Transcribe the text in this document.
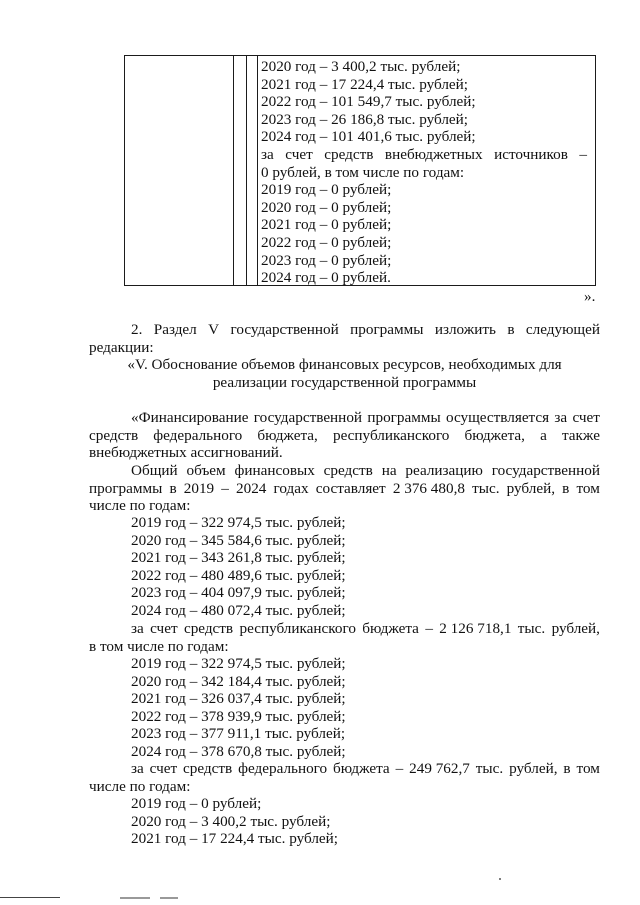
2020 год – 3 400,2 тыс. рублей;
2021 год – 17 224,4 тыс. рублей;
2022 год – 101 549,7 тыс. рублей;
2023 год – 26 186,8 тыс. рублей;
2024 год – 101 401,6 тыс. рублей;
за счет средств внебюджетных источников –
0 рублей, в том числе по годам:
2019 год – 0 рублей;
2020 год – 0 рублей;
2021 год – 0 рублей;
2022 год – 0 рублей;
2023 год – 0 рублей;
2024 год – 0 рублей.
».
2. Раздел V государственной программы изложить в следующей
редакции:
«V. Обоснование объемов финансовых ресурсов, необходимых для
реализации государственной программы
«Финансирование государственной программы осуществляется за счет
средств федерального бюджета, республиканского бюджета, а также
внебюджетных ассигнований.
Общий объем финансовых средств на реализацию государственной
программы в 2019 – 2024 годах составляет 2 376 480,8 тыс. рублей, в том
числе по годам:
2019 год – 322 974,5 тыс. рублей;
2020 год – 345 584,6 тыс. рублей;
2021 год – 343 261,8 тыс. рублей;
2022 год – 480 489,6 тыс. рублей;
2023 год – 404 097,9 тыс. рублей;
2024 год – 480 072,4 тыс. рублей;
за счет средств республиканского бюджета – 2 126 718,1 тыс. рублей,
в том числе по годам:
2019 год – 322 974,5 тыс. рублей;
2020 год – 342 184,4 тыс. рублей;
2021 год – 326 037,4 тыс. рублей;
2022 год – 378 939,9 тыс. рублей;
2023 год – 377 911,1 тыс. рублей;
2024 год – 378 670,8 тыс. рублей;
за счет средств федерального бюджета – 249 762,7 тыс. рублей, в том
числе по годам:
2019 год – 0 рублей;
2020 год – 3 400,2 тыс. рублей;
2021 год – 17 224,4 тыс. рублей;
